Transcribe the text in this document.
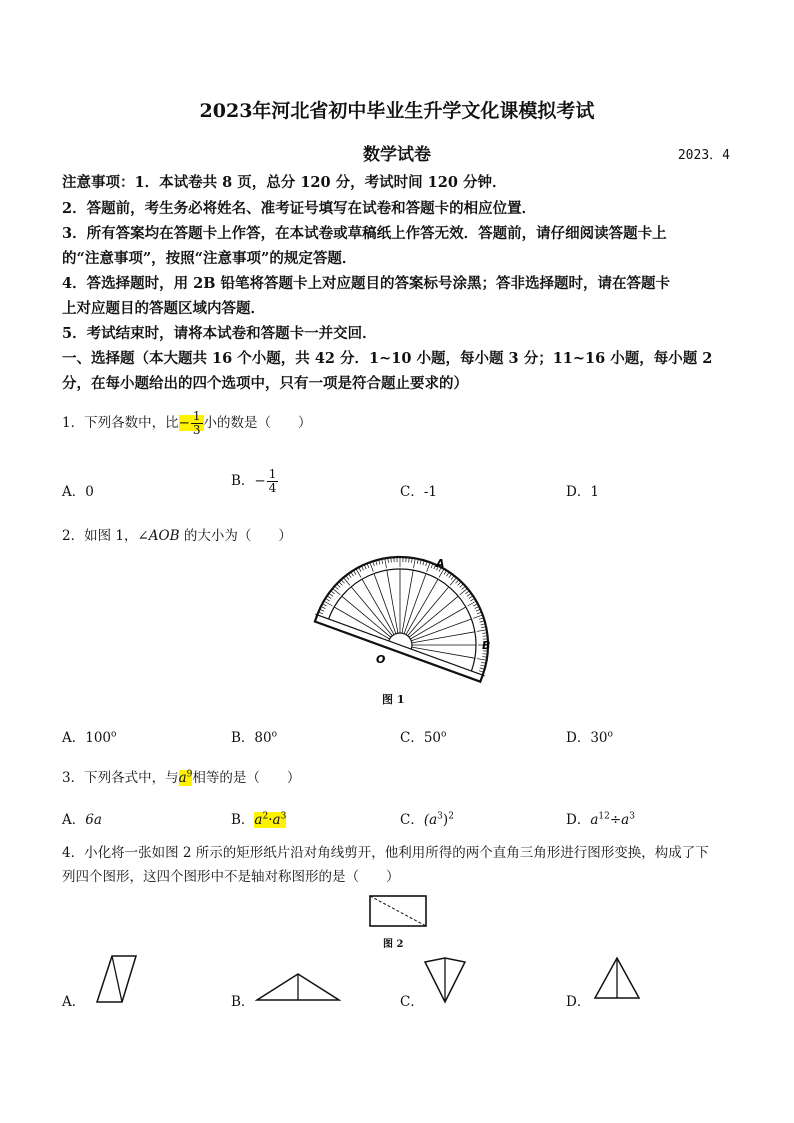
2023年河北省初中毕业生升学文化课模拟考试
数学试卷	2023．4
注意事项：1．本试卷共 8 页，总分 120 分，考试时间 120 分钟．
2．答题前，考生务必将姓名、准考证号填写在试卷和答题卡的相应位置．
3．所有答案均在答题卡上作答，在本试卷或草稿纸上作答无效．答题前，请仔细阅读答题卡上
的“注意事项”，按照“注意事项”的规定答题．
4．答选择题时，用 2B 铅笔将答题卡上对应题目的答案标号涂黑；答非选择题时，请在答题卡
上对应题目的答题区域内答题．
5．考试结束时，请将本试卷和答题卡一并交回．
一、选择题（本大题共 16 个小题，共 42 分．1~10 小题，每小题 3 分；11~16 小题，每小题 2
分，在每小题给出的四个选项中，只有一项是符合题止要求的）
1．下列各数中，比− $\frac{1}{3}$ 小的数是（　　）
A．0
B．− $\frac{1}{4}$	C．-1	D．1
2．如图 1，∠AOB 的大小为（　　）
O
A
B
图 1
A．100$^o$	B．80$^o$	C．50$^o$	D．30$^o$
3．下列各式中，与$a^9$相等的是（　　）
A．6a	B．$a^2\cdot a^3$	C．$(a^3)^2$	D．$a^{12}\div a^3$
4．小化将一张如图 2 所示的矩形纸片沿对角线剪开，他利用所得的两个直角三角形进行图形变换，构成了下
列四个图形，这四个图形中不是轴对称图形的是（　　）
图 2
A．	B．	C．	D．
